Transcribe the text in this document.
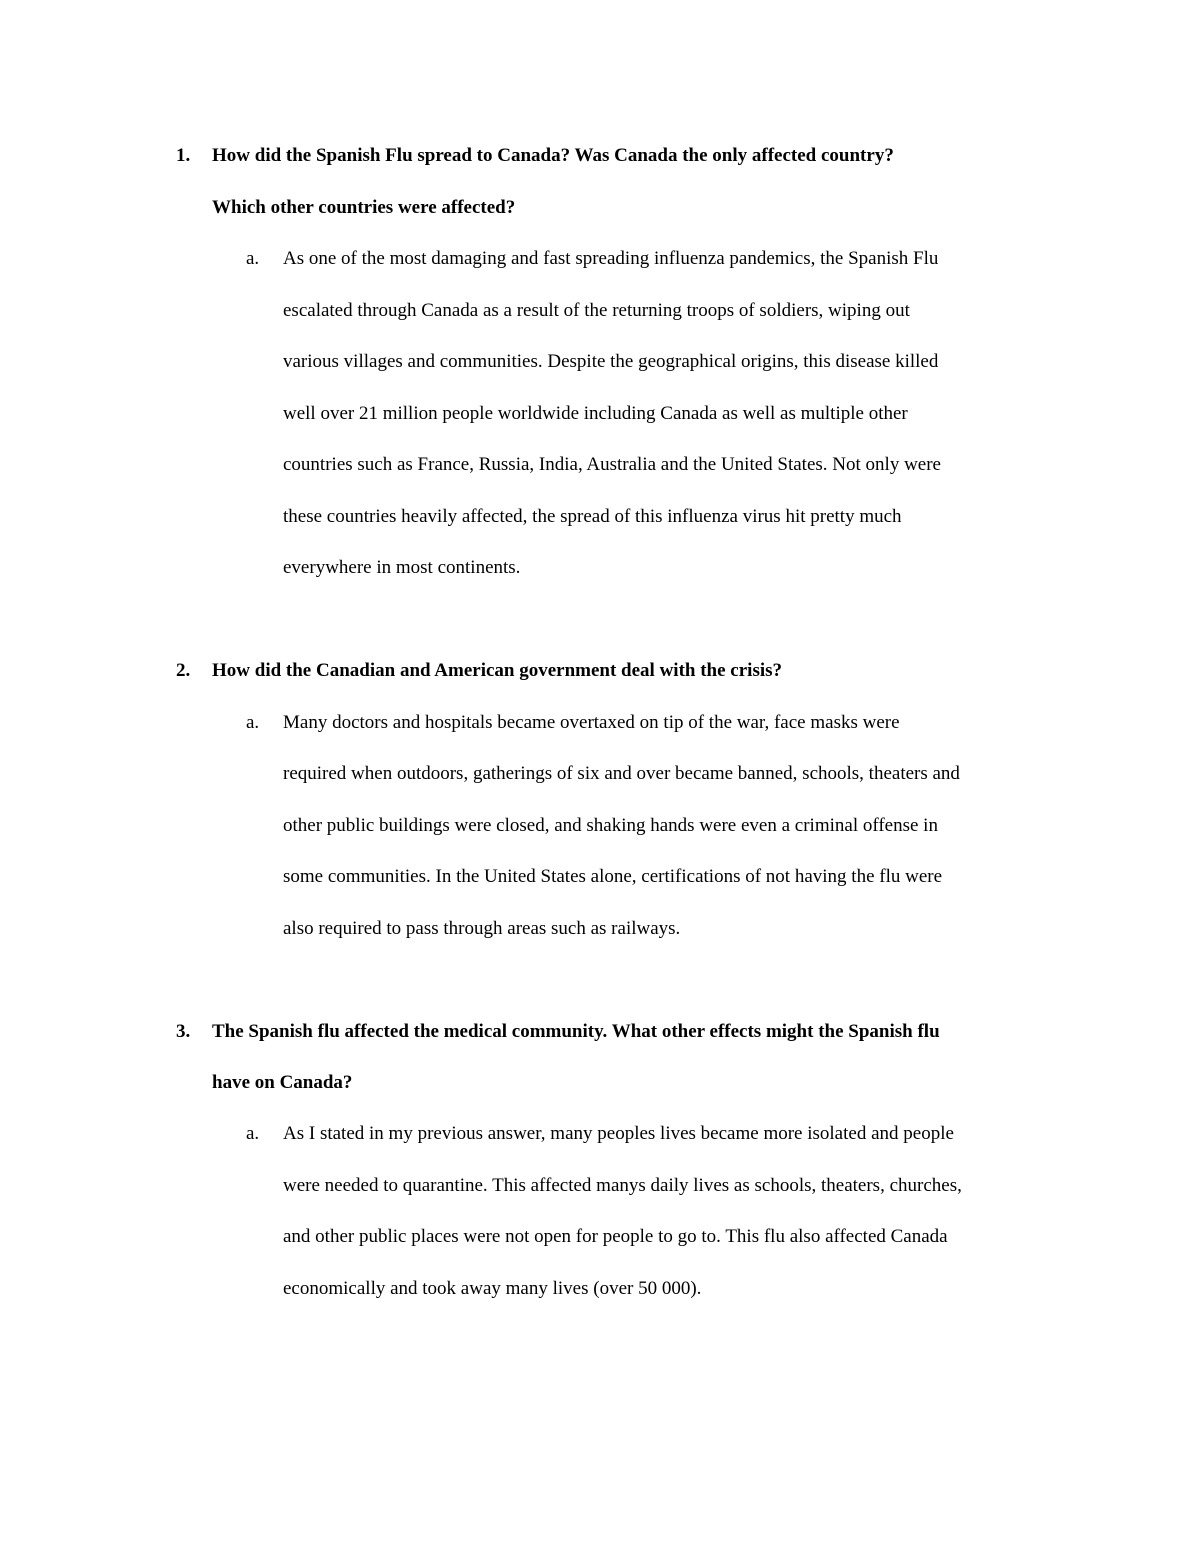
1. How did the Spanish Flu spread to Canada? Was Canada the only affected country?
Which other countries were affected?
a. As one of the most damaging and fast spreading influenza pandemics, the Spanish Flu
escalated through Canada as a result of the returning troops of soldiers, wiping out
various villages and communities. Despite the geographical origins, this disease killed
well over 21 million people worldwide including Canada as well as multiple other
countries such as France, Russia, India, Australia and the United States. Not only were
these countries heavily affected, the spread of this influenza virus hit pretty much
everywhere in most continents.
2. How did the Canadian and American government deal with the crisis?
a. Many doctors and hospitals became overtaxed on tip of the war, face masks were
required when outdoors, gatherings of six and over became banned, schools, theaters and
other public buildings were closed, and shaking hands were even a criminal offense in
some communities. In the United States alone, certifications of not having the flu were
also required to pass through areas such as railways.
3. The Spanish flu affected the medical community. What other effects might the Spanish flu
have on Canada?
a. As I stated in my previous answer, many peoples lives became more isolated and people
were needed to quarantine. This affected manys daily lives as schools, theaters, churches,
and other public places were not open for people to go to. This flu also affected Canada
economically and took away many lives (over 50 000).
